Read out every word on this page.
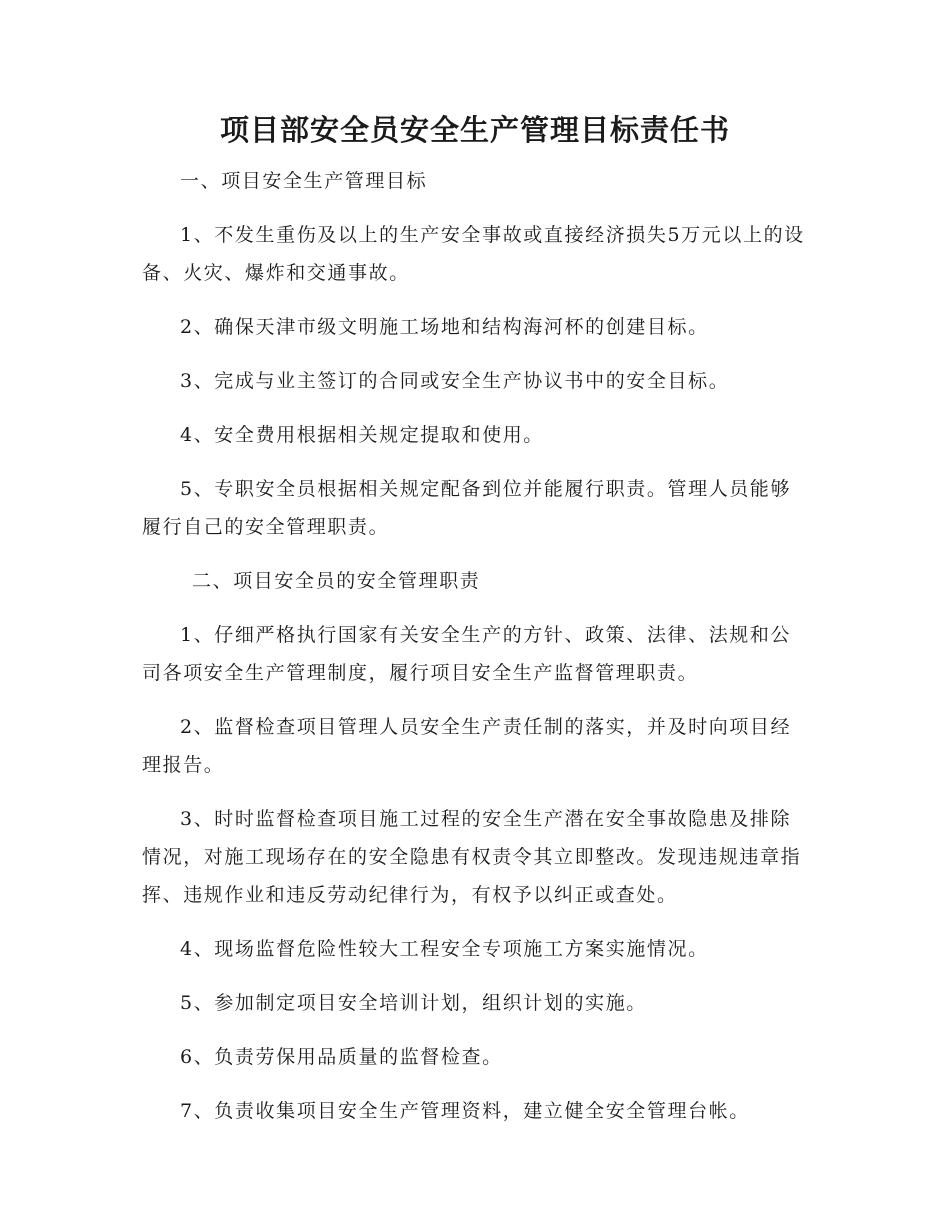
项目部安全员安全生产管理目标责任书

一、项目安全生产管理目标

1、不发生重伤及以上的生产安全事故或直接经济损失5万元以上的设备、火灾、爆炸和交通事故。

2、确保天津市级文明施工场地和结构海河杯的创建目标。

3、完成与业主签订的合同或安全生产协议书中的安全目标。

4、安全费用根据相关规定提取和使用。

5、专职安全员根据相关规定配备到位并能履行职责。管理人员能够履行自己的安全管理职责。

二、项目安全员的安全管理职责

1、仔细严格执行国家有关安全生产的方针、政策、法律、法规和公司各项安全生产管理制度，履行项目安全生产监督管理职责。

2、监督检查项目管理人员安全生产责任制的落实，并及时向项目经理报告。

3、时时监督检查项目施工过程的安全生产潜在安全事故隐患及排除情况，对施工现场存在的安全隐患有权责令其立即整改。发现违规违章指挥、违规作业和违反劳动纪律行为，有权予以纠正或查处。

4、现场监督危险性较大工程安全专项施工方案实施情况。

5、参加制定项目安全培训计划，组织计划的实施。

6、负责劳保用品质量的监督检查。

7、负责收集项目安全生产管理资料，建立健全安全管理台帐。
